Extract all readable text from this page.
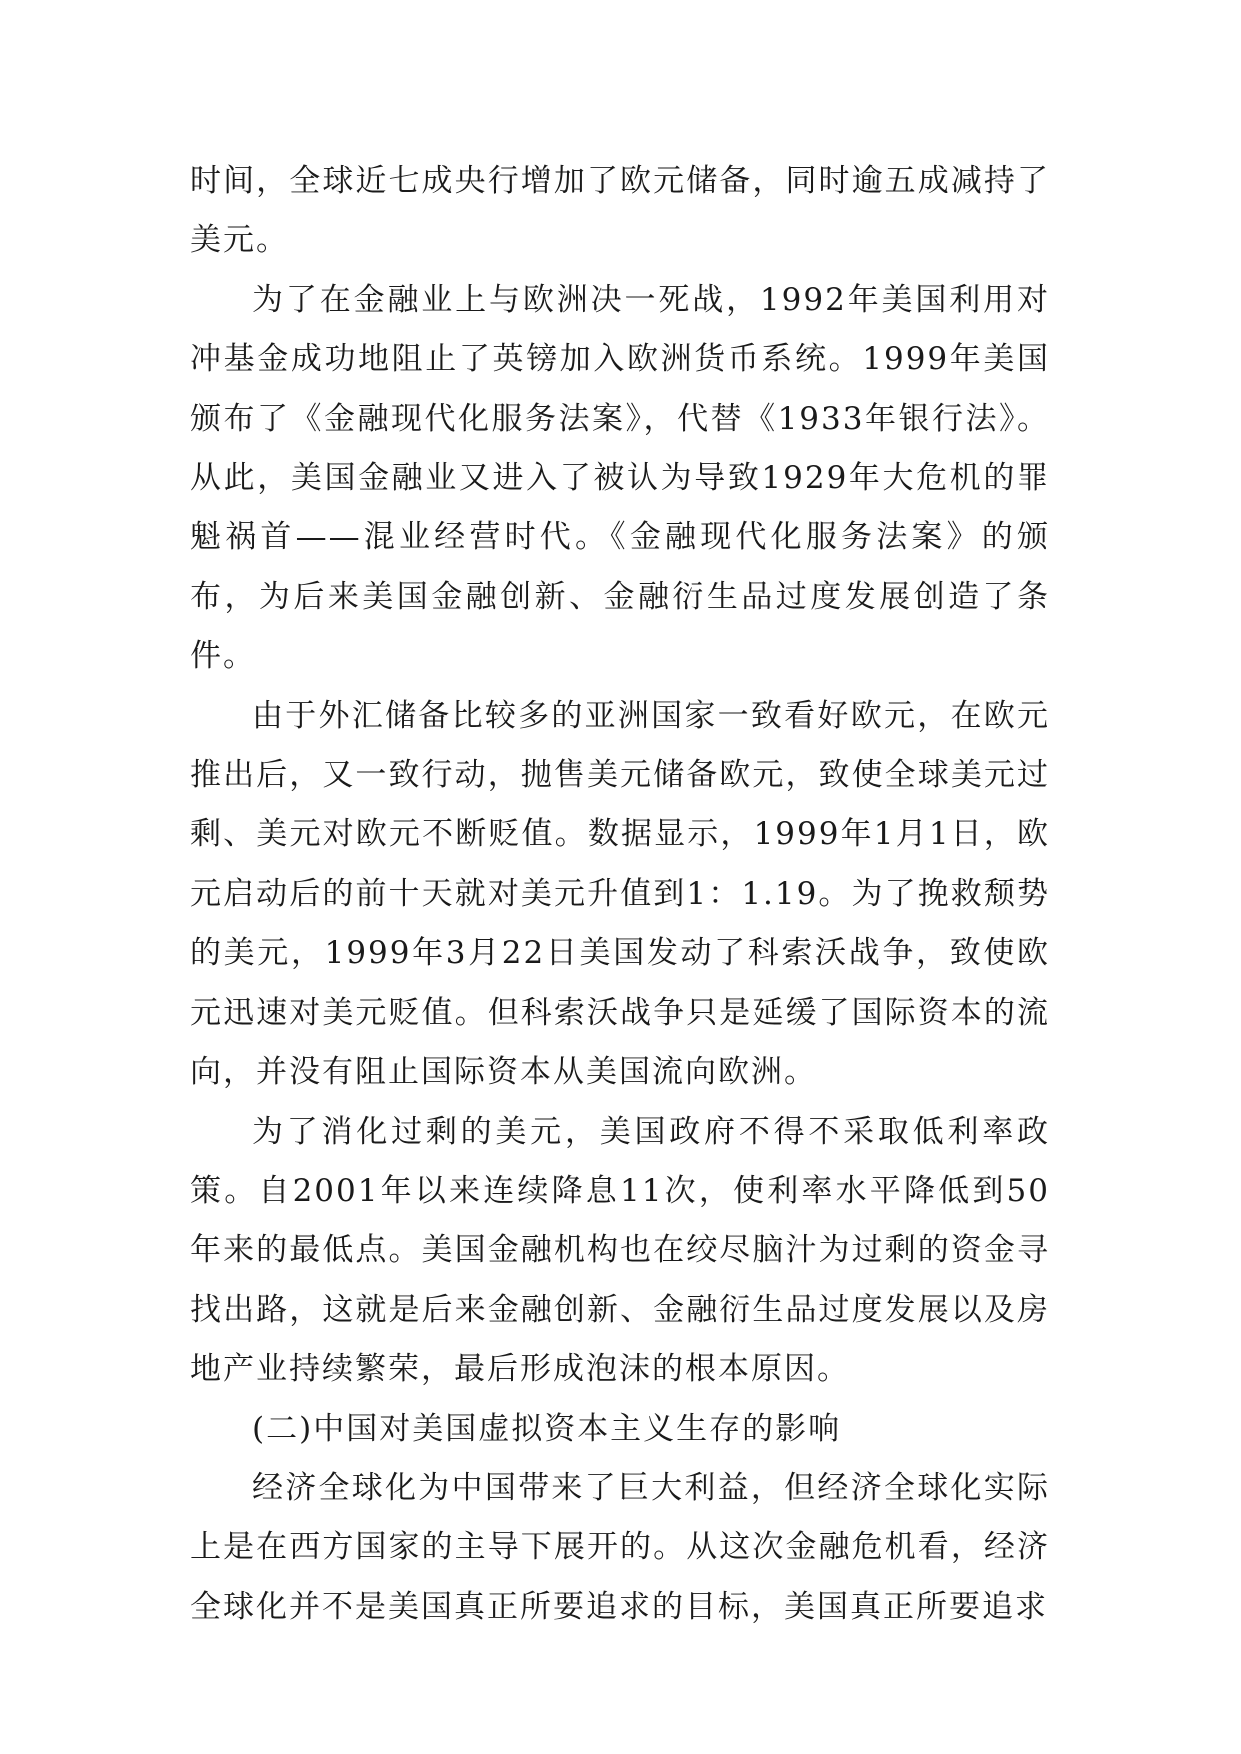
时间，全球近七成央行增加了欧元储备，同时逾五成减持了美元。

为了在金融业上与欧洲决一死战，1992年美国利用对冲基金成功地阻止了英镑加入欧洲货币系统。1999年美国颁布了《金融现代化服务法案》，代替《1933年银行法》。从此，美国金融业又进入了被认为导致1929年大危机的罪魁祸首——混业经营时代。《金融现代化服务法案》的颁布，为后来美国金融创新、金融衍生品过度发展创造了条件。

由于外汇储备比较多的亚洲国家一致看好欧元，在欧元推出后，又一致行动，抛售美元储备欧元，致使全球美元过剩、美元对欧元不断贬值。数据显示，1999年1月1日，欧元启动后的前十天就对美元升值到1：1.19。为了挽救颓势的美元，1999年3月22日美国发动了科索沃战争，致使欧元迅速对美元贬值。但科索沃战争只是延缓了国际资本的流向，并没有阻止国际资本从美国流向欧洲。

为了消化过剩的美元，美国政府不得不采取低利率政策。自2001年以来连续降息11次，使利率水平降低到50年来的最低点。美国金融机构也在绞尽脑汁为过剩的资金寻找出路，这就是后来金融创新、金融衍生品过度发展以及房地产业持续繁荣，最后形成泡沫的根本原因。

(二)中国对美国虚拟资本主义生存的影响

经济全球化为中国带来了巨大利益，但经济全球化实际上是在西方国家的主导下展开的。从这次金融危机看，经济全球化并不是美国真正所要追求的目标，美国真正所要追求
